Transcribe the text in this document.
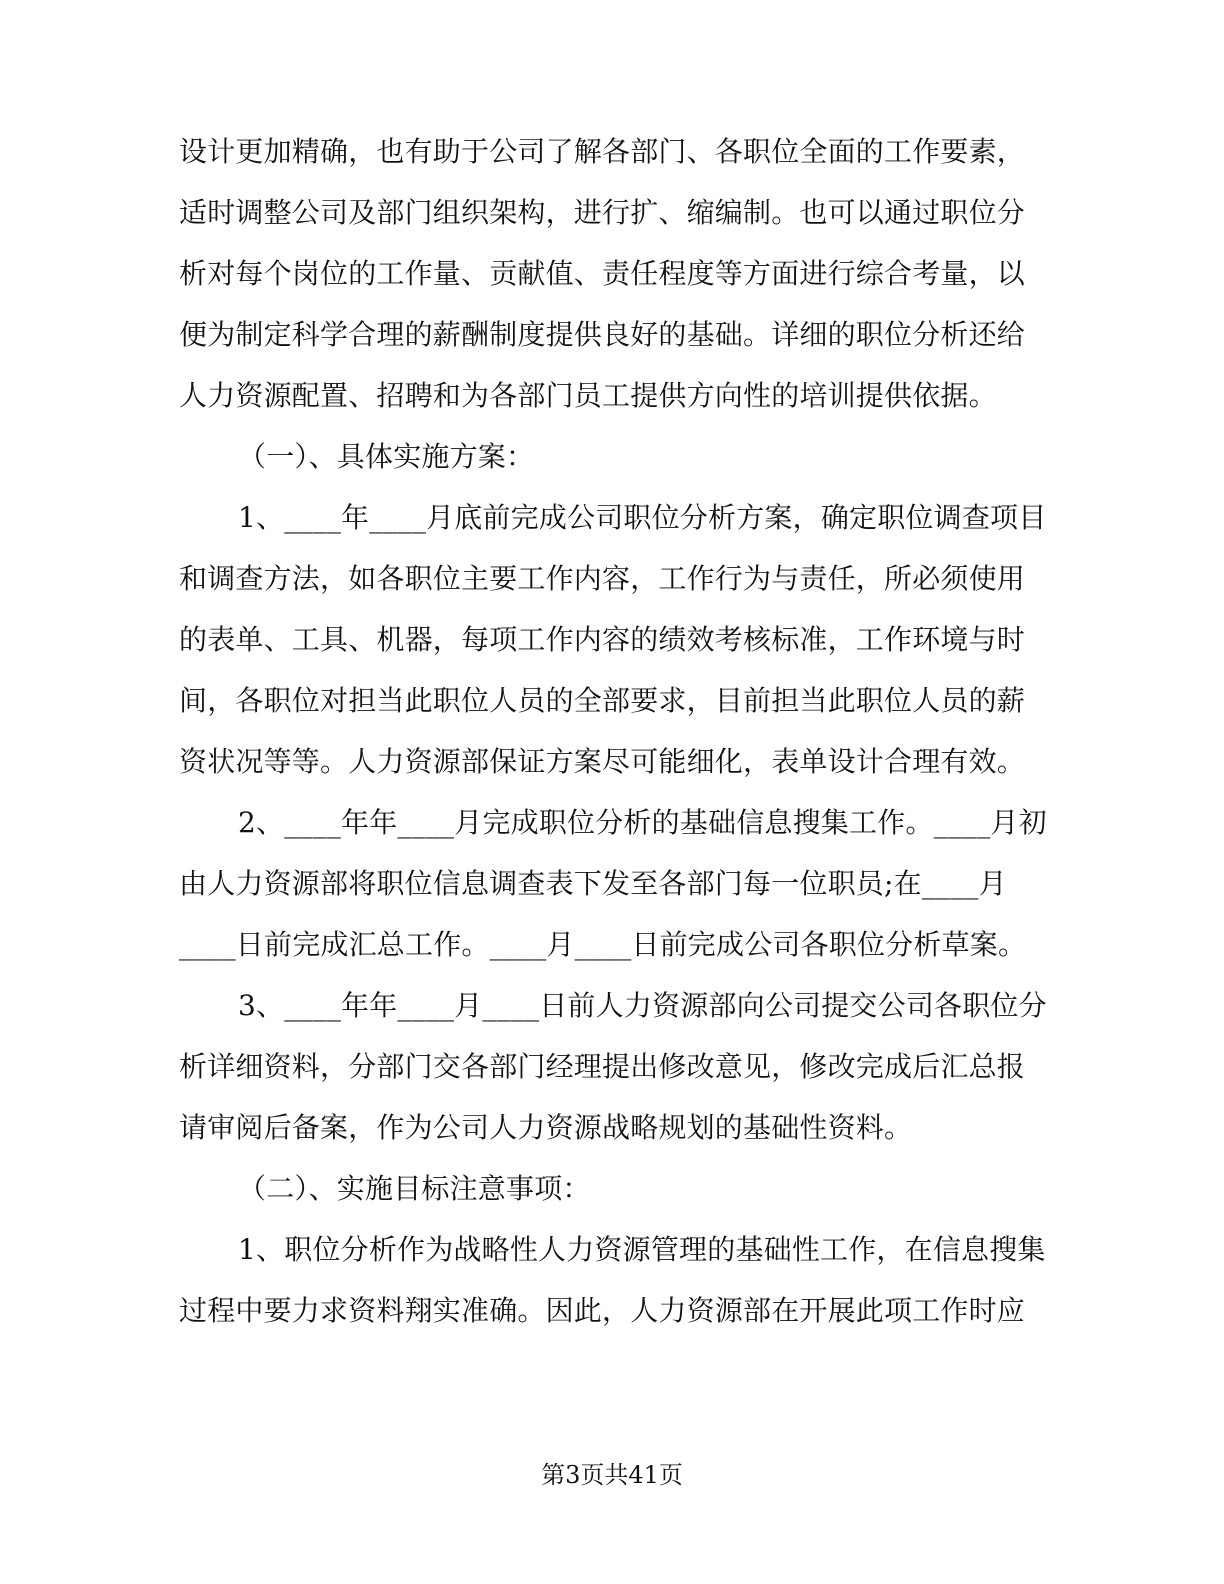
设计更加精确，也有助于公司了解各部门、各职位全面的工作要素，
适时调整公司及部门组织架构，进行扩、缩编制。也可以通过职位分
析对每个岗位的工作量、贡献值、责任程度等方面进行综合考量，以
便为制定科学合理的薪酬制度提供良好的基础。详细的职位分析还给
人力资源配置、招聘和为各部门员工提供方向性的培训提供依据。
（一）、具体实施方案：
1、____年____月底前完成公司职位分析方案，确定职位调查项目
和调查方法，如各职位主要工作内容，工作行为与责任，所必须使用
的表单、工具、机器，每项工作内容的绩效考核标准，工作环境与时
间，各职位对担当此职位人员的全部要求，目前担当此职位人员的薪
资状况等等。人力资源部保证方案尽可能细化，表单设计合理有效。
2、____年年____月完成职位分析的基础信息搜集工作。____月初
由人力资源部将职位信息调查表下发至各部门每一位职员;在____月
____日前完成汇总工作。____月____日前完成公司各职位分析草案。
3、____年年____月____日前人力资源部向公司提交公司各职位分
析详细资料，分部门交各部门经理提出修改意见，修改完成后汇总报
请审阅后备案，作为公司人力资源战略规划的基础性资料。
（二）、实施目标注意事项：
1、职位分析作为战略性人力资源管理的基础性工作，在信息搜集
过程中要力求资料翔实准确。因此，人力资源部在开展此项工作时应
第3页共41页
